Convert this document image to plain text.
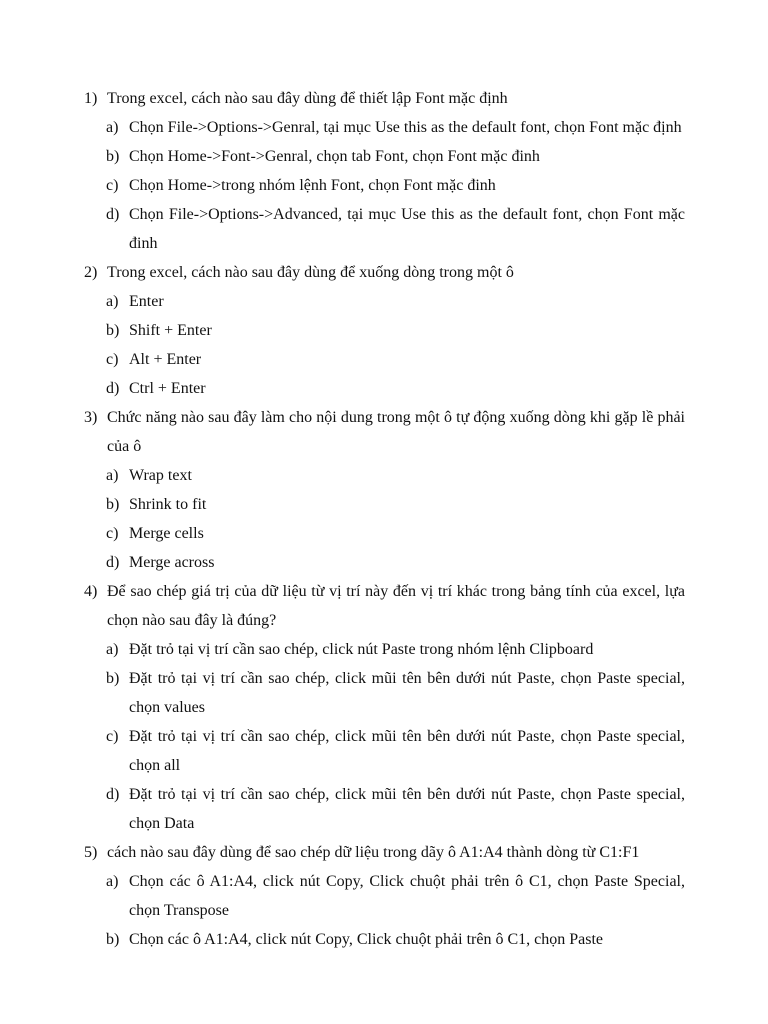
1) Trong excel, cách nào sau đây dùng để thiết lập Font mặc định
a) Chọn File->Options->Genral, tại mục Use this as the default font, chọn Font mặc định
b) Chọn Home->Font->Genral, chọn tab Font, chọn Font mặc đinh
c) Chọn Home->trong nhóm lệnh Font, chọn Font mặc đinh
d) Chọn File->Options->Advanced, tại mục Use this as the default font, chọn Font mặc đinh
2) Trong excel, cách nào sau đây dùng để xuống dòng trong một ô
a) Enter
b) Shift + Enter
c) Alt + Enter
d) Ctrl + Enter
3) Chức năng nào sau đây làm cho nội dung trong một ô tự động xuống dòng khi gặp lề phải của ô
a) Wrap text
b) Shrink to fit
c) Merge cells
d) Merge across
4) Để sao chép giá trị của dữ liệu từ vị trí này đến vị trí khác trong bảng tính của excel, lựa chọn nào sau đây là đúng?
a) Đặt trỏ tại vị trí cần sao chép, click nút Paste trong nhóm lệnh Clipboard
b) Đặt trỏ tại vị trí cần sao chép, click mũi tên bên dưới nút Paste, chọn Paste special, chọn values
c) Đặt trỏ tại vị trí cần sao chép, click mũi tên bên dưới nút Paste, chọn Paste special, chọn all
d) Đặt trỏ tại vị trí cần sao chép, click mũi tên bên dưới nút Paste, chọn Paste special, chọn Data
5) cách nào sau đây dùng để sao chép dữ liệu trong dãy ô A1:A4 thành dòng từ C1:F1
a) Chọn các ô A1:A4, click nút Copy, Click chuột phải trên ô C1, chọn Paste Special, chọn Transpose
b) Chọn các ô A1:A4, click nút Copy, Click chuột phải trên ô C1, chọn Paste
